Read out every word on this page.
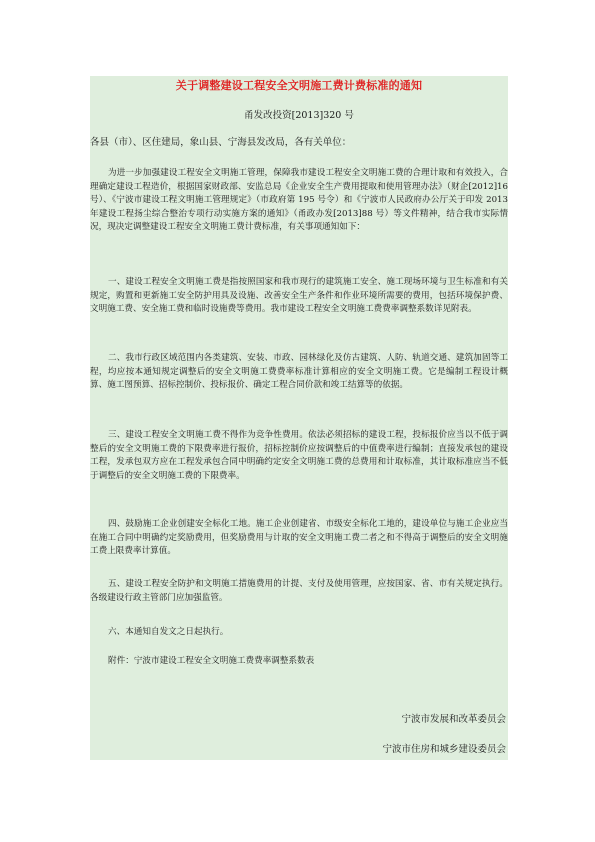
关于调整建设工程安全文明施工费计费标准的通知
甬发改投资[2013]320 号
各县（市）、区住建局，象山县、宁海县发改局，各有关单位：
为进一步加强建设工程安全文明施工管理，保障我市建设工程安全文明施工费的合理计取和有效投入，合理确定建设工程造价，根据国家财政部、安监总局《企业安全生产费用提取和使用管理办法》（财企[2012]16 号）、《宁波市建设工程文明施工管理规定》（市政府第 195 号令）和《宁波市人民政府办公厅关于印发 2013 年建设工程扬尘综合整治专项行动实施方案的通知》（甬政办发[2013]88 号）等文件精神，结合我市实际情况，现决定调整建设工程安全文明施工费计费标准，有关事项通知如下：
一、建设工程安全文明施工费是指按照国家和我市现行的建筑施工安全、施工现场环境与卫生标准和有关规定，购置和更新施工安全防护用具及设施、改善安全生产条件和作业环境所需要的费用，包括环境保护费、文明施工费、安全施工费和临时设施费等费用。我市建设工程安全文明施工费费率调整系数详见附表。
二、我市行政区域范围内各类建筑、安装、市政、园林绿化及仿古建筑、人防、轨道交通、建筑加固等工程，均应按本通知规定调整后的安全文明施工费费率标准计算相应的安全文明施工费。它是编制工程设计概算、施工图预算、招标控制价、投标报价、确定工程合同价款和竣工结算等的依据。
三、建设工程安全文明施工费不得作为竞争性费用。依法必须招标的建设工程，投标报价应当以不低于调整后的安全文明施工费的下限费率进行报价，招标控制价应按调整后的中值费率进行编制；直接发承包的建设工程，发承包双方应在工程发承包合同中明确约定安全文明施工费的总费用和计取标准，其计取标准应当不低于调整后的安全文明施工费的下限费率。
四、鼓励施工企业创建安全标化工地。施工企业创建省、市级安全标化工地的，建设单位与施工企业应当在施工合同中明确约定奖励费用，但奖励费用与计取的安全文明施工费二者之和不得高于调整后的安全文明施工费上限费率计算值。
五、建设工程安全防护和文明施工措施费用的计提、支付及使用管理，应按国家、省、市有关规定执行。各级建设行政主管部门应加强监管。
六、本通知自发文之日起执行。
附件：宁波市建设工程安全文明施工费费率调整系数表
宁波市发展和改革委员会
宁波市住房和城乡建设委员会
